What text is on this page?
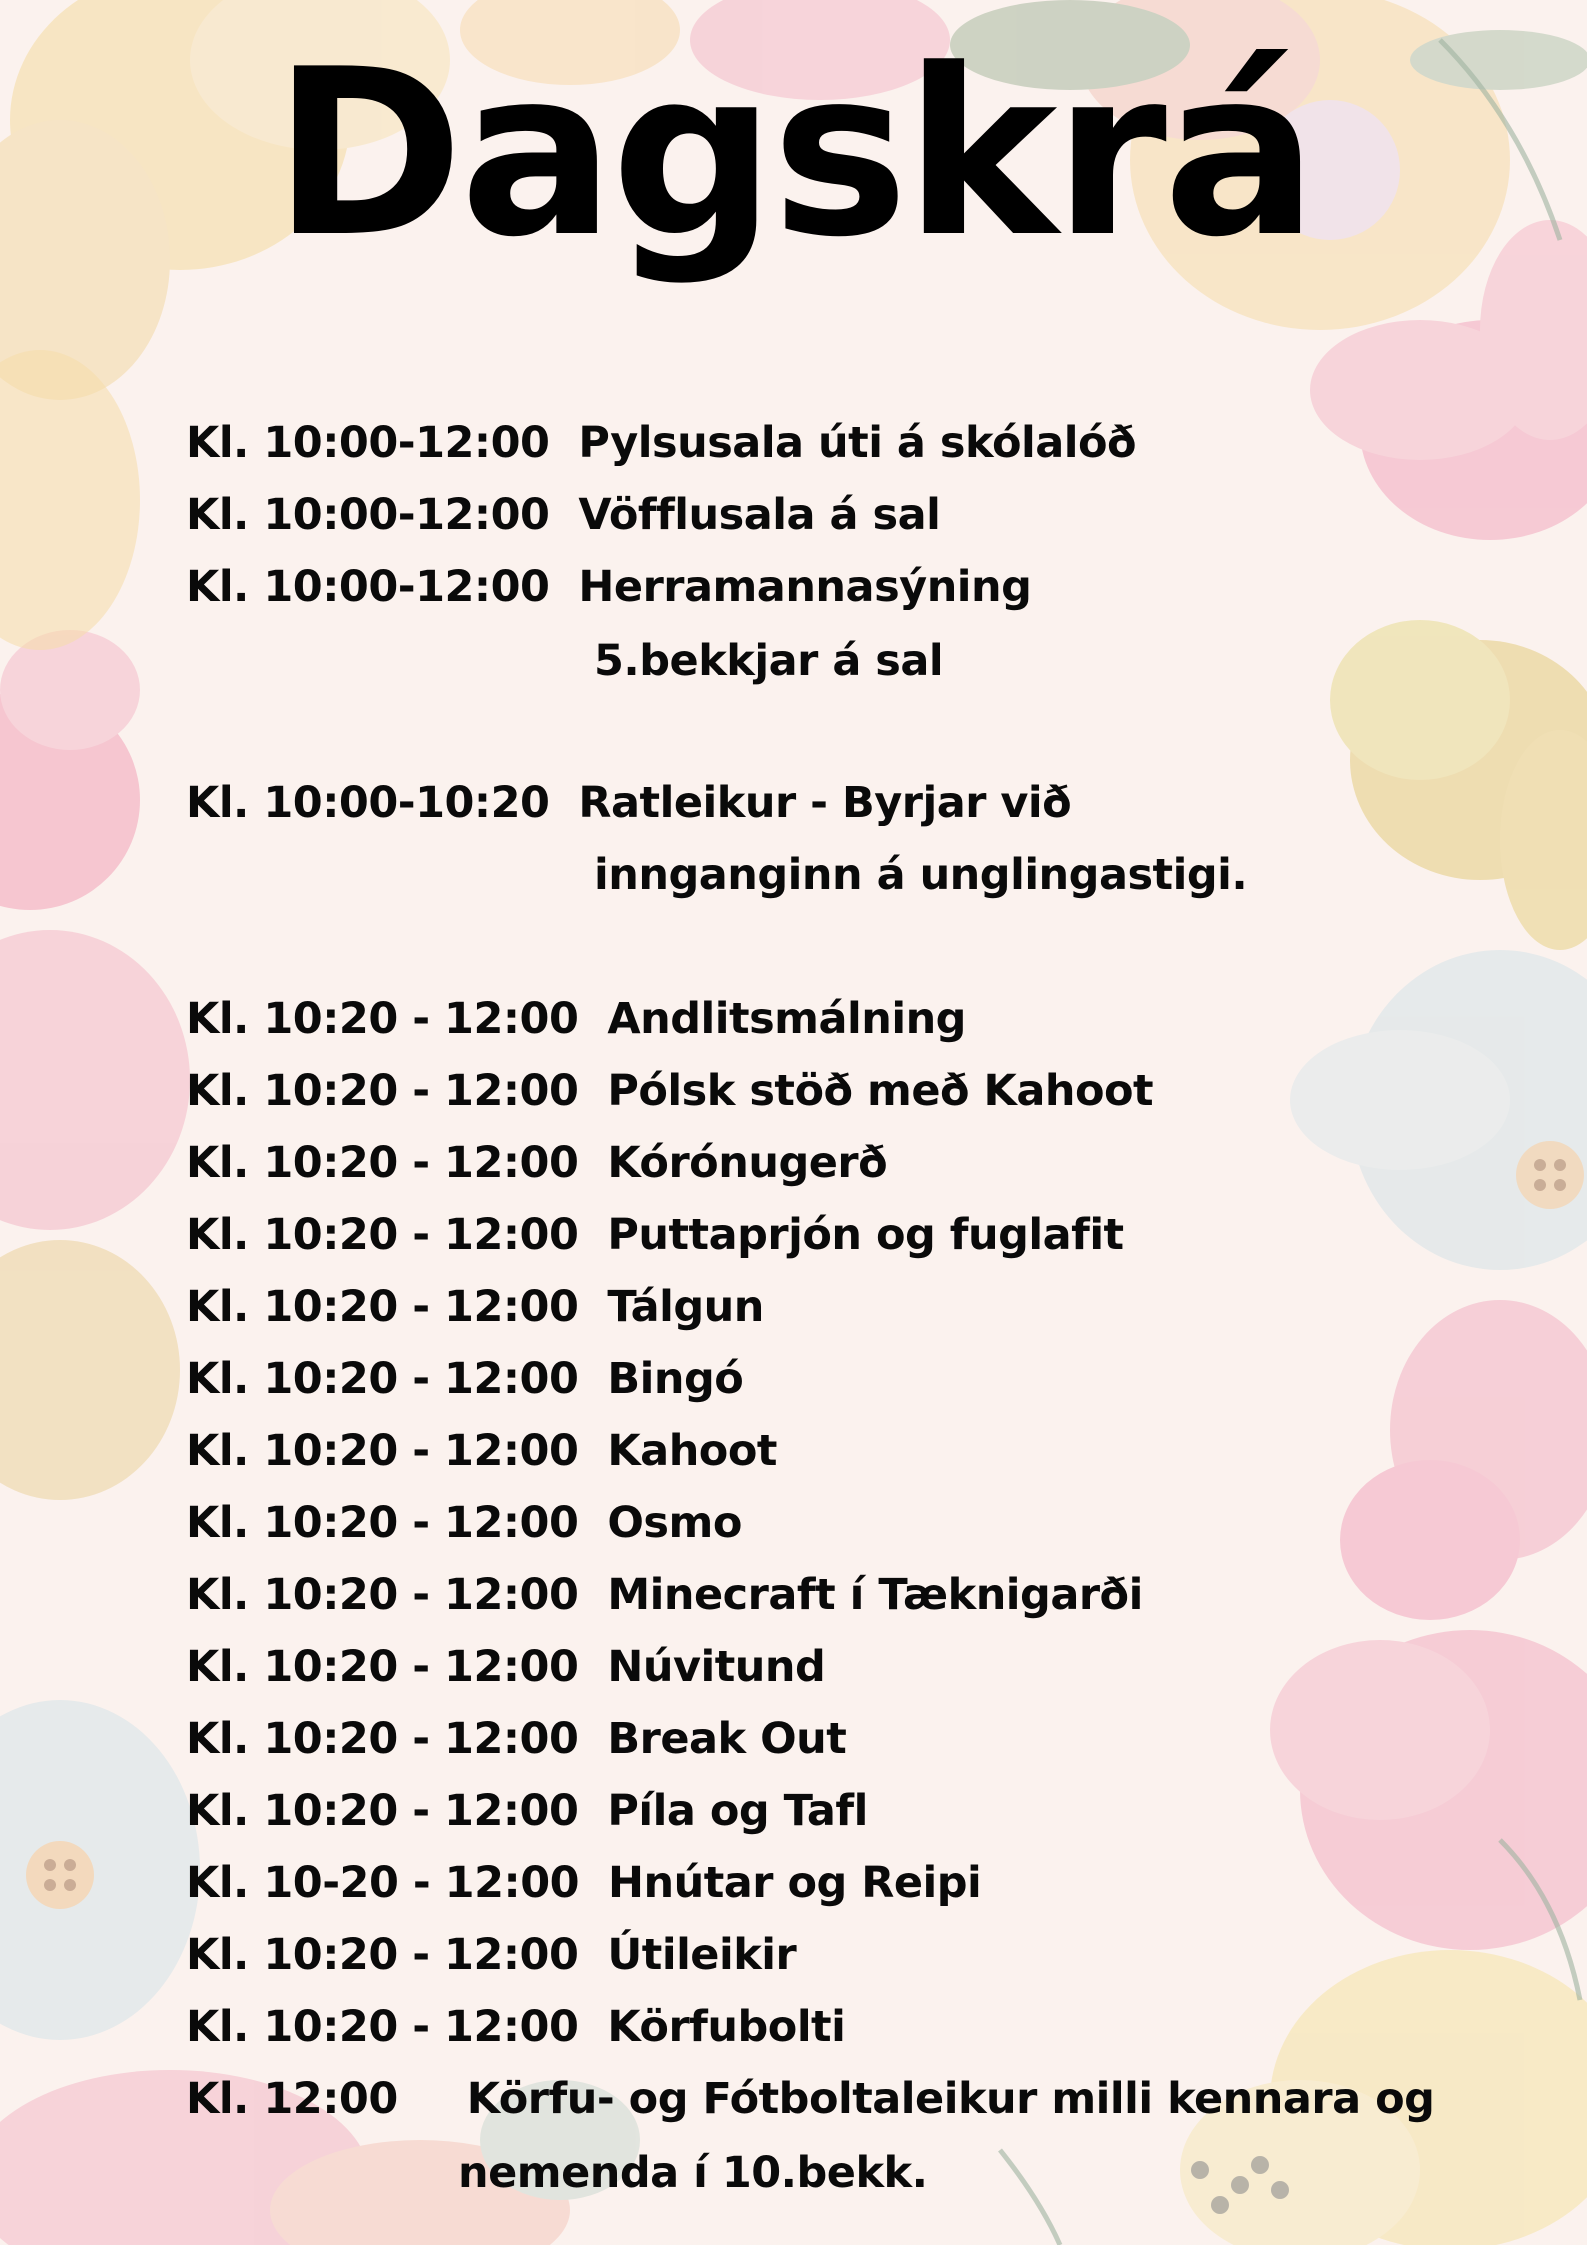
Dagskrá
Kl. 10:00-12:00  Pylsusala úti á skólalóð
Kl. 10:00-12:00  Vöfflusala á sal
Kl. 10:00-12:00  Herramannasýning
5.bekkjar á sal
Kl. 10:00-10:20  Ratleikur - Byrjar við
innganginn á unglingastigi.
Kl. 10:20 - 12:00  Andlitsmálning
Kl. 10:20 - 12:00  Pólsk stöð með Kahoot
Kl. 10:20 - 12:00  Kórónugerð
Kl. 10:20 - 12:00  Puttaprjón og fuglafit
Kl. 10:20 - 12:00  Tálgun
Kl. 10:20 - 12:00  Bingó
Kl. 10:20 - 12:00  Kahoot
Kl. 10:20 - 12:00  Osmo
Kl. 10:20 - 12:00  Minecraft í Tæknigarði
Kl. 10:20 - 12:00  Núvitund
Kl. 10:20 - 12:00  Break Out
Kl. 10:20 - 12:00  Píla og Tafl
Kl. 10-20 - 12:00  Hnútar og Reipi
Kl. 10:20 - 12:00  Útileikir
Kl. 10:20 - 12:00  Körfubolti
Kl. 12:00  Körfu- og Fótboltaleikur milli kennara og
nemenda í 10.bekk.
